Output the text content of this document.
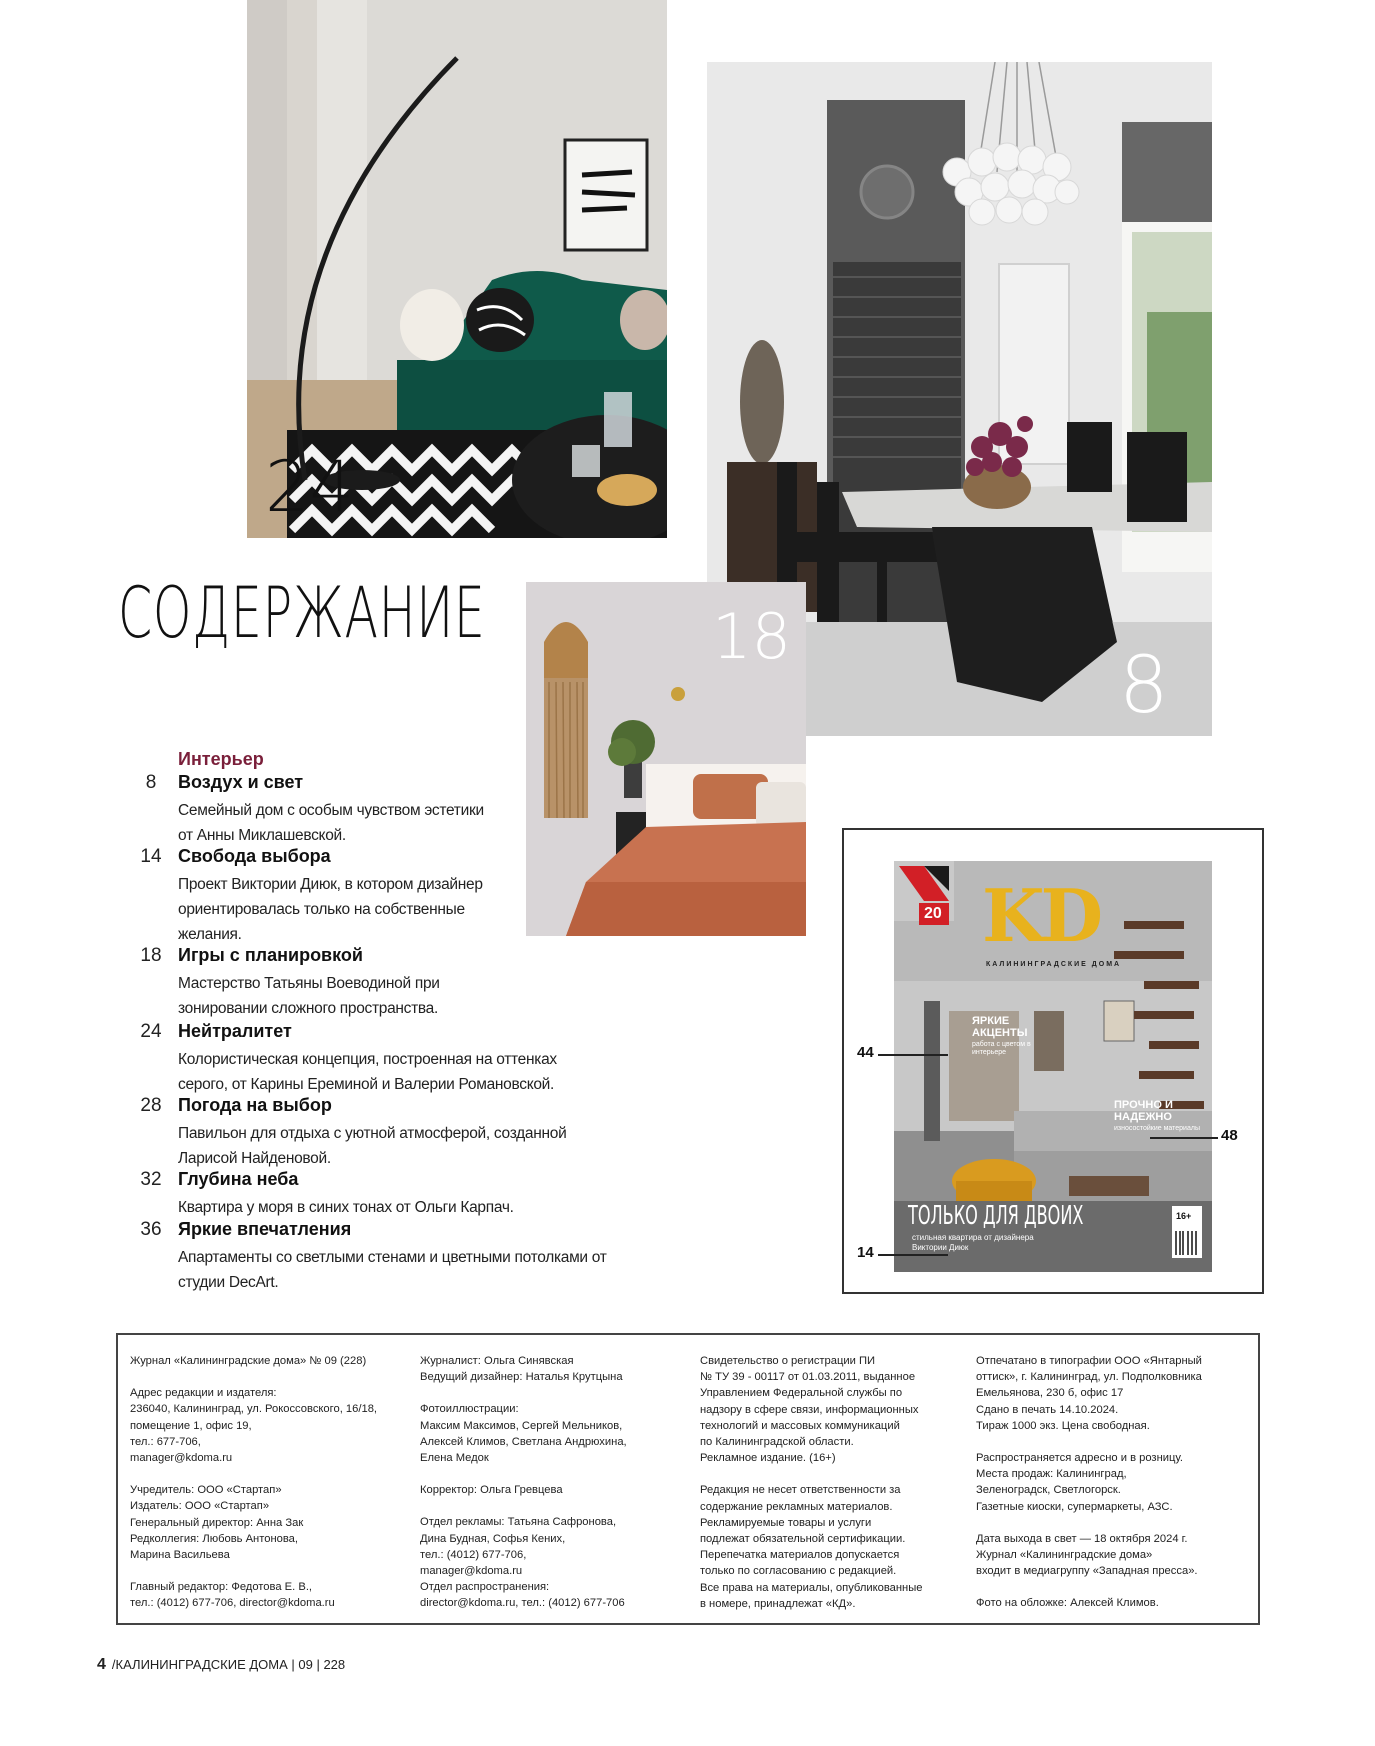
24
8
18
СОДЕРЖАНИЕ
Интерьер
8	Воздух и свет
Семейный дом с особым чувством эстетики от Анны Миклашевской.
14 Свобода выбора
Проект Виктории Диюк, в котором дизайнер ориентировалась только на собственные желания.
18 Игры с планировкой
Мастерство Татьяны Воеводиной при зонировании сложного пространства.
24 Нейтралитет
Колористическая концепция, построенная на оттенках серого, от Карины Ереминой и Валерии Романовской.
28 Погода на выбор
Павильон для отдыха с уютной атмосферой, созданной Ларисой Найденовой.
32 Глубина неба
Квартира у моря в синих тонах от Ольги Карпач.
36 Яркие впечатления
Апартаменты со светлыми стенами и цветными потолками от студии DecArt.
KD
КАЛИНИНГРАДСКИЕ ДОМА
20
ЯРКИЕ АКЦЕНТЫ
работа с цветом в интерьере
ПРОЧНО И НАДЕЖНО
износостойкие материалы
ТОЛЬКО ДЛЯ ДВОИХ
стильная квартира от дизайнера Виктории Диюк
16+
44
48
14

Журнал «Калининградские дома» № 09 (228)

Адрес редакции и издателя:
236040, Калининград, ул. Рокоссовского, 16/18,
помещение 1, офис 19,
тел.: 677-706,
manager@kdoma.ru

Учредитель: ООО «Стартап»
Издатель: ООО «Стартап»
Генеральный директор: Анна Зак
Редколлегия: Любовь Антонова,
Марина Васильева

Главный редактор: Федотова Е. В.,
тел.: (4012) 677-706, director@kdoma.ru

Журналист: Ольга Синявская
Ведущий дизайнер: Наталья Крутцына

Фотоиллюстрации:
Максим Максимов, Сергей Мельников,
Алексей Климов, Светлана Андрюхина,
Елена Медок

Корректор: Ольга Гревцева

Отдел рекламы: Татьяна Сафронова,
Дина Будная, Софья Кених,
тел.: (4012) 677-706,
manager@kdoma.ru
Отдел распространения:
director@kdoma.ru, тел.: (4012) 677-706

Свидетельство о регистрации ПИ
№ ТУ 39 - 00117 от 01.03.2011, выданное
Управлением Федеральной службы по
надзору в сфере связи, информационных
технологий и массовых коммуникаций
по Калининградской области.
Рекламное издание. (16+)

Редакция не несет ответственности за
содержание рекламных материалов.
Рекламируемые товары и услуги
подлежат обязательной сертификации.
Перепечатка материалов допускается
только по согласованию с редакцией.
Все права на материалы, опубликованные
в номере, принадлежат «КД».

Отпечатано в типографии ООО «Янтарный
оттиск», г. Калининград, ул. Подполковника
Емельянова, 230 б, офис 17
Сдано в печать 14.10.2024.
Тираж 1000 экз. Цена свободная.

Распространяется адресно и в розницу.
Места продаж: Калининград,
Зеленоградск, Светлогорск.
Газетные киоски, супермаркеты, АЗС.

Дата выхода в свет — 18 октября 2024 г.
Журнал «Калининградские дома»
входит в медиагруппу «Западная пресса».

Фото на обложке: Алексей Климов.

4 /КАЛИНИНГРАДСКИЕ ДОМА | 09 | 228
